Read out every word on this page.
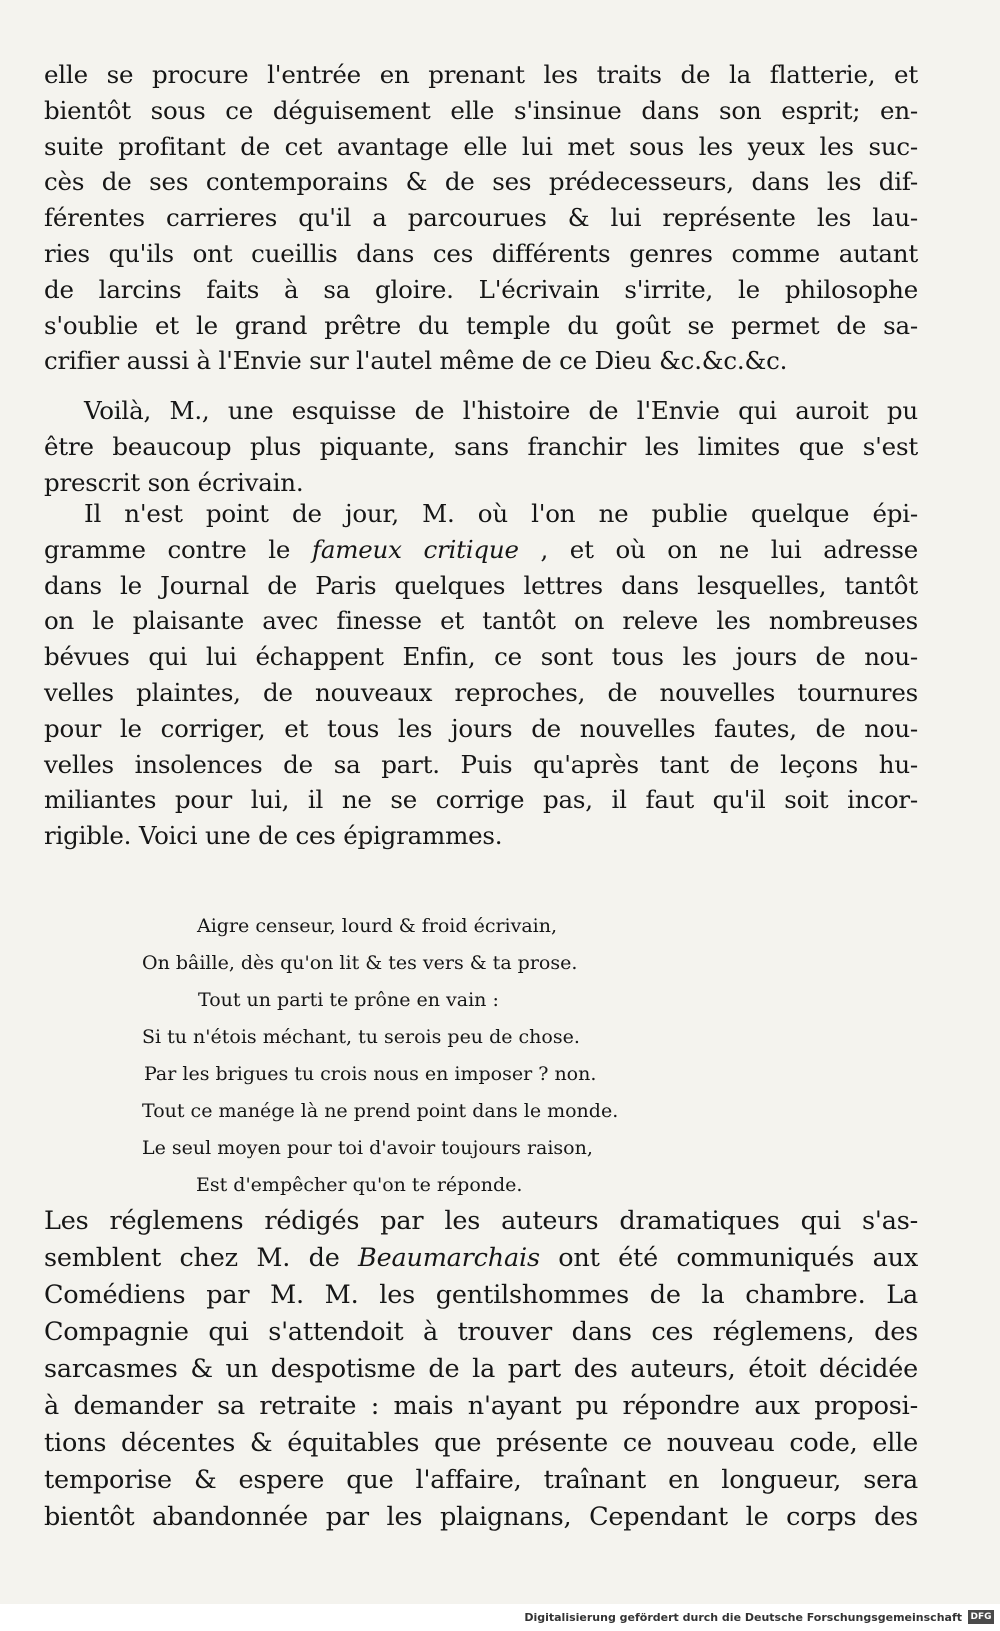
elle se procure l'entrée en prenant les traits de la flatterie, et
bientôt sous ce déguisement elle s'insinue dans son esprit; en-
suite profitant de cet avantage elle lui met sous les yeux les suc-
cès de ses contemporains & de ses prédecesseurs, dans les dif-
férentes carrieres qu'il a parcourues & lui représente les lau-
ries qu'ils ont cueillis dans ces différents genres comme autant
de larcins faits à sa gloire. L'écrivain s'irrite, le philosophe
s'oublie et le grand prêtre du temple du goût se permet de sa-
crifier aussi à l'Envie sur l'autel même de ce Dieu &c.&c.&c.
Voilà, M., une esquisse de l'histoire de l'Envie qui auroit pu
être beaucoup plus piquante, sans franchir les limites que s'est
prescrit son écrivain.
Il n'est point de jour, M. où l'on ne publie quelque épi-
gramme contre le fameux critique , et où on ne lui adresse
dans le Journal de Paris quelques lettres dans lesquelles, tantôt
on le plaisante avec finesse et tantôt on releve les nombreuses
bévues qui lui échappent Enfin, ce sont tous les jours de nou-
velles plaintes, de nouveaux reproches, de nouvelles tournures
pour le corriger, et tous les jours de nouvelles fautes, de nou-
velles insolences de sa part. Puis qu'après tant de leçons hu-
miliantes pour lui, il ne se corrige pas, il faut qu'il soit incor-
rigible. Voici une de ces épigrammes.
Aigre censeur, lourd & froid écrivain,
On bâille, dès qu'on lit & tes vers & ta prose.
Tout un parti te prône en vain :
Si tu n'étois méchant, tu serois peu de chose.
Par les brigues tu crois nous en imposer ? non.
Tout ce manége là ne prend point dans le monde.
Le seul moyen pour toi d'avoir toujours raison,
Est d'empêcher qu'on te réponde.
Les réglemens rédigés par les auteurs dramatiques qui s'as-
semblent chez M. de Beaumarchais ont été communiqués aux
Comédiens par M. M. les gentilshommes de la chambre. La
Compagnie qui s'attendoit à trouver dans ces réglemens, des
sarcasmes & un despotisme de la part des auteurs, étoit décidée
à demander sa retraite : mais n'ayant pu répondre aux proposi-
tions décentes & équitables que présente ce nouveau code, elle
temporise & espere que l'affaire, traînant en longueur, sera
bientôt abandonnée par les plaignans, Cependant le corps des
Digitalisierung gefördert durch die Deutsche Forschungsgemeinschaft DFG
